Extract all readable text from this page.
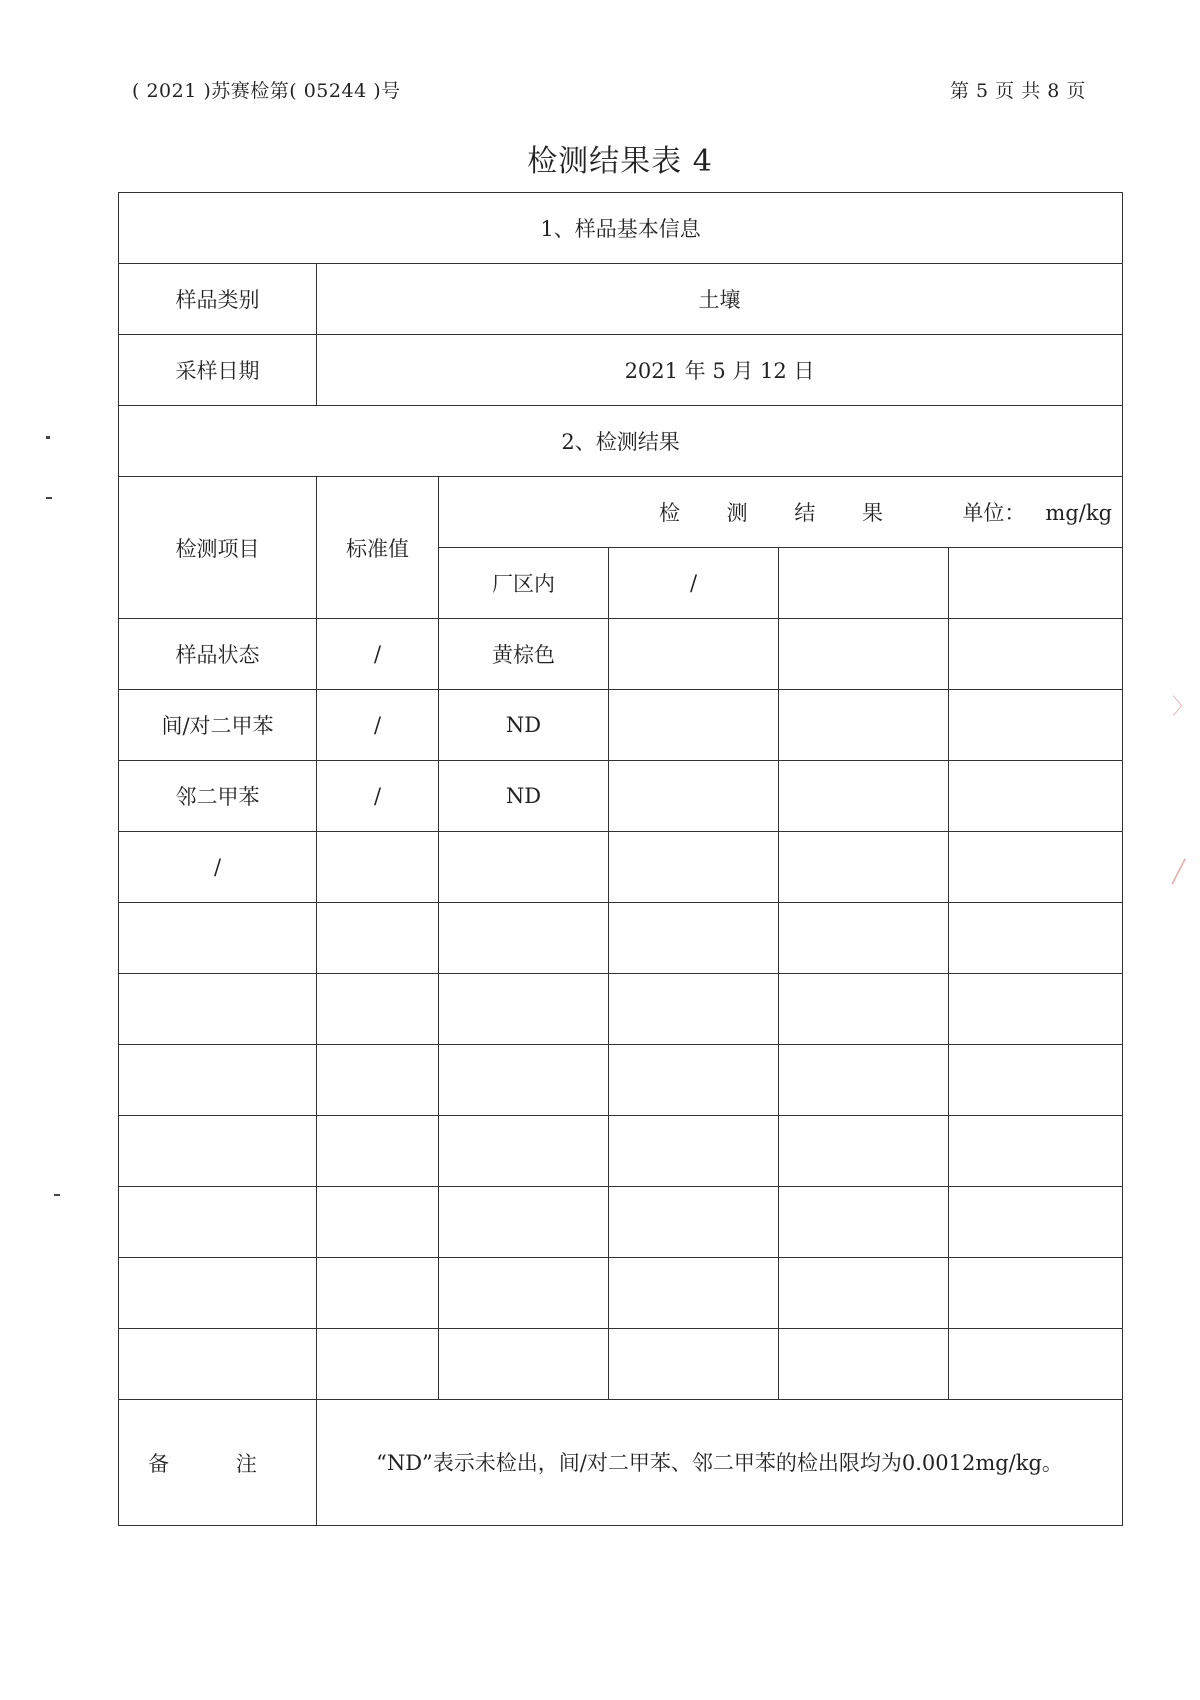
( 2021 )苏赛检第( 05244 )号	第 5 页 共 8 页
检测结果表 4
1、样品基本信息					
样品类别	土壤				
采样日期	2021 年 5 月 12 日				
2、检测结果					
检测项目	标准值	检 测 结 果 单位： mg/kg			

		厂区内	/		
样品状态	/	黄棕色			
间/对二甲苯	/	ND			
邻二甲苯	/	ND			
/					

备 注	“ND”表示未检出，间/对二甲苯、邻二甲苯的检出限均为0.0012mg/kg。				
〉
╱
